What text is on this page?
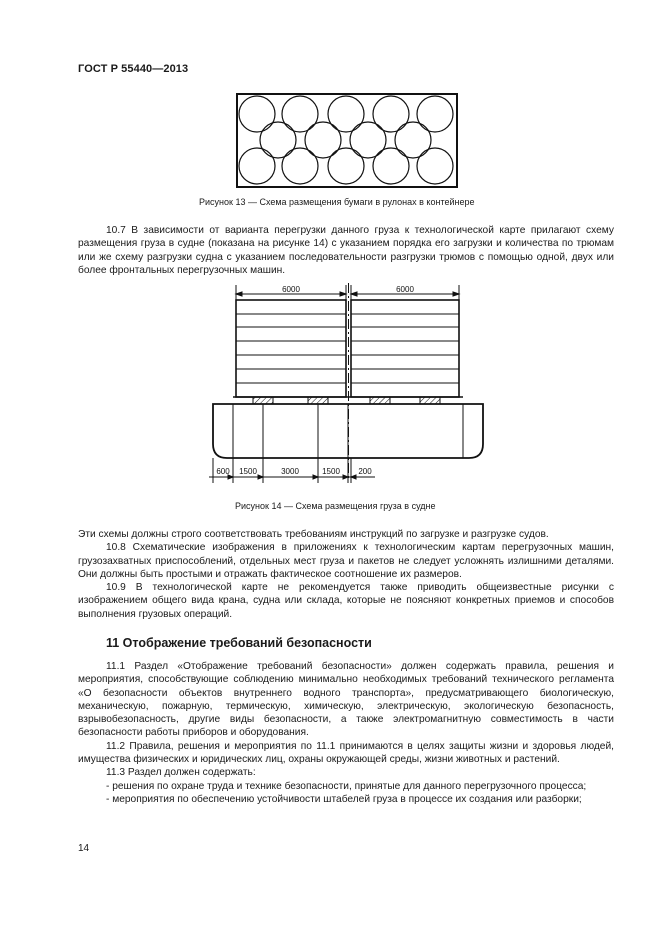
ГОСТ Р 55440—2013
Рисунок 13 — Схема размещения бумаги в рулонах в контейнере

10.7 В зависимости от варианта перегрузки данного груза к технологической карте прилагают схему размещения груза в судне (показана на рисунке 14) с указанием порядка его загрузки и количества по трюмам или же схему разгрузки судна с указанием последовательности разгрузки трюмов с помощью одной, двух или более фронтальных перегрузочных машин.

6000	6000
600 1500	3000	1500 200
Рисунок 14 — Схема размещения груза в судне

Эти схемы должны строго соответствовать требованиям инструкций по загрузке и разгрузке судов.

10.8 Схематические изображения в приложениях к технологическим картам перегрузочных машин, грузозахватных приспособлений, отдельных мест груза и пакетов не следует усложнять излишними деталями. Они должны быть простыми и отражать фактическое соотношение их размеров.

10.9 В технологической карте не рекомендуется также приводить общеизвестные рисунки с изображением общего вида крана, судна или склада, которые не поясняют конкретных приемов и способов выполнения грузовых операций.

11 Отображение требований безопасности

11.1 Раздел «Отображение требований безопасности» должен содержать правила, решения и мероприятия, способствующие соблюдению минимально необходимых требований технического регламента «О безопасности объектов внутреннего водного транспорта», предусматривающего биологическую, механическую, пожарную, термическую, химическую, электрическую, экологическую безопасность, взрывобезопасность, другие виды безопасности, а также электромагнитную совместимость в части безопасности работы приборов и оборудования.

11.2 Правила, решения и мероприятия по 11.1 принимаются в целях защиты жизни и здоровья людей, имущества физических и юридических лиц, охраны окружающей среды, жизни животных и растений.

11.3 Раздел должен содержать:

- решения по охране труда и технике безопасности, принятые для данного перегрузочного процесса;

- мероприятия по обеспечению устойчивости штабелей груза в процессе их создания или разборки;

14
